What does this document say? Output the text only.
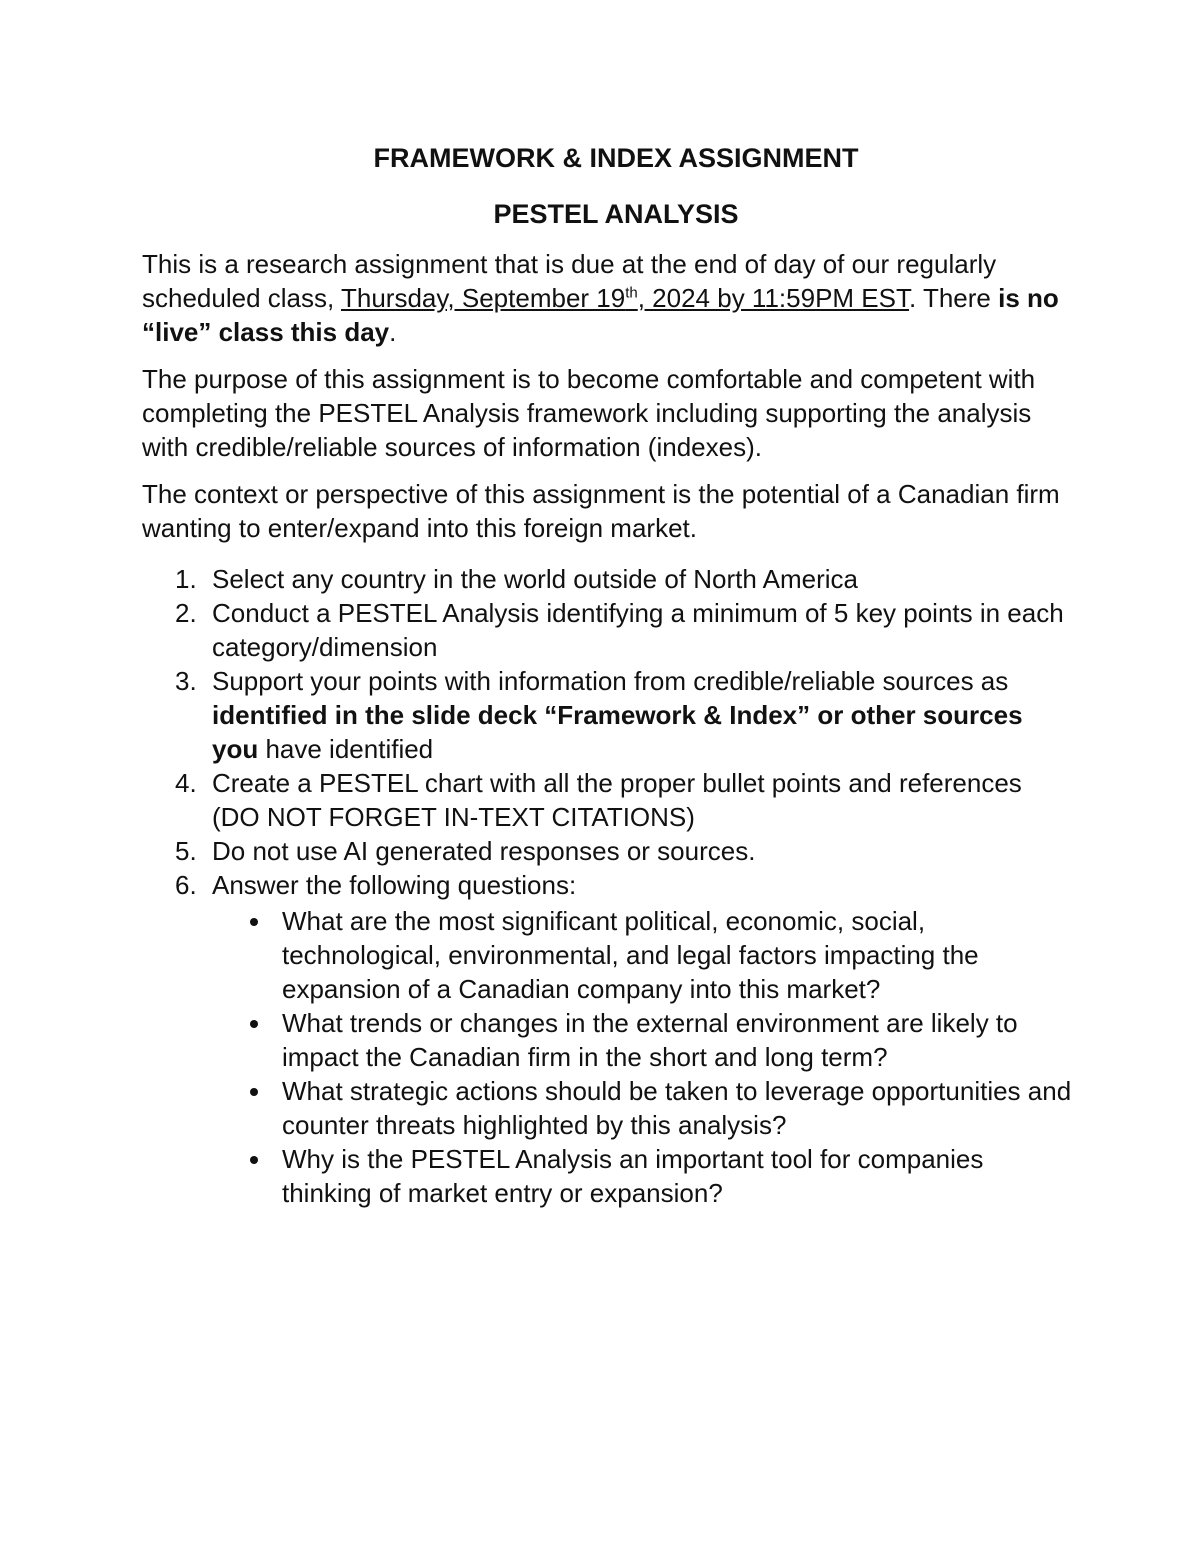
FRAMEWORK & INDEX ASSIGNMENT
PESTEL ANALYSIS

This is a research assignment that is due at the end of day of our regularly scheduled class, Thursday, September 19th, 2024 by 11:59PM EST. There is no “live” class this day.

The purpose of this assignment is to become comfortable and competent with completing the PESTEL Analysis framework including supporting the analysis with credible/reliable sources of information (indexes).

The context or perspective of this assignment is the potential of a Canadian firm wanting to enter/expand into this foreign market.

1. Select any country in the world outside of North America
2. Conduct a PESTEL Analysis identifying a minimum of 5 key points in each category/dimension
3. Support your points with information from credible/reliable sources as identified in the slide deck “Framework & Index” or other sources you have identified
4. Create a PESTEL chart with all the proper bullet points and references (DO NOT FORGET IN-TEXT CITATIONS)
5. Do not use AI generated responses or sources.
6. Answer the following questions:
What are the most significant political, economic, social, technological, environmental, and legal factors impacting the expansion of a Canadian company into this market?
What trends or changes in the external environment are likely to impact the Canadian firm in the short and long term?
What strategic actions should be taken to leverage opportunities and counter threats highlighted by this analysis?
Why is the PESTEL Analysis an important tool for companies thinking of market entry or expansion?
